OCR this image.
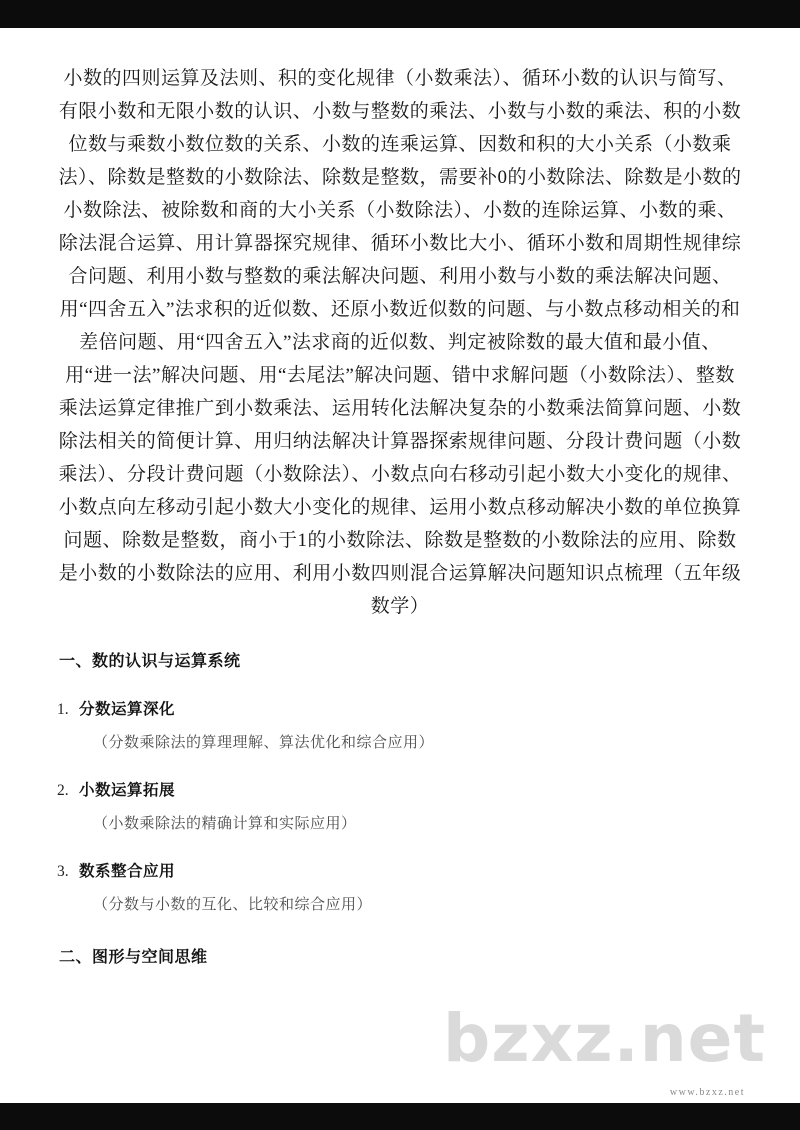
小数的四则运算及法则、积的变化规律（小数乘法）、循环小数的认识与简写、有限小数和无限小数的认识、小数与整数的乘法、小数与小数的乘法、积的小数位数与乘数小数位数的关系、小数的连乘运算、因数和积的大小关系（小数乘法）、除数是整数的小数除法、除数是整数，需要补0的小数除法、除数是小数的小数除法、被除数和商的大小关系（小数除法）、小数的连除运算、小数的乘、除法混合运算、用计算器探究规律、循环小数比大小、循环小数和周期性规律综合问题、利用小数与整数的乘法解决问题、利用小数与小数的乘法解决问题、用“四舍五入”法求积的近似数、还原小数近似数的问题、与小数点移动相关的和差倍问题、用“四舍五入”法求商的近似数、判定被除数的最大值和最小值、用“进一法”解决问题、用“去尾法”解决问题、错中求解问题（小数除法）、整数乘法运算定律推广到小数乘法、运用转化法解决复杂的小数乘法简算问题、小数除法相关的简便计算、用归纳法解决计算器探索规律问题、分段计费问题（小数乘法）、分段计费问题（小数除法）、小数点向右移动引起小数大小变化的规律、小数点向左移动引起小数大小变化的规律、运用小数点移动解决小数的单位换算问题、除数是整数，商小于1的小数除法、除数是整数的小数除法的应用、除数是小数的小数除法的应用、利用小数四则混合运算解决问题知识点梳理（五年级数学）

一、数的认识与运算系统
1. 分数运算深化
（分数乘除法的算理理解、算法优化和综合应用）
2. 小数运算拓展
（小数乘除法的精确计算和实际应用）
3. 数系整合应用
（分数与小数的互化、比较和综合应用）
二、图形与空间思维
bzxz.net
www.bzxz.net
